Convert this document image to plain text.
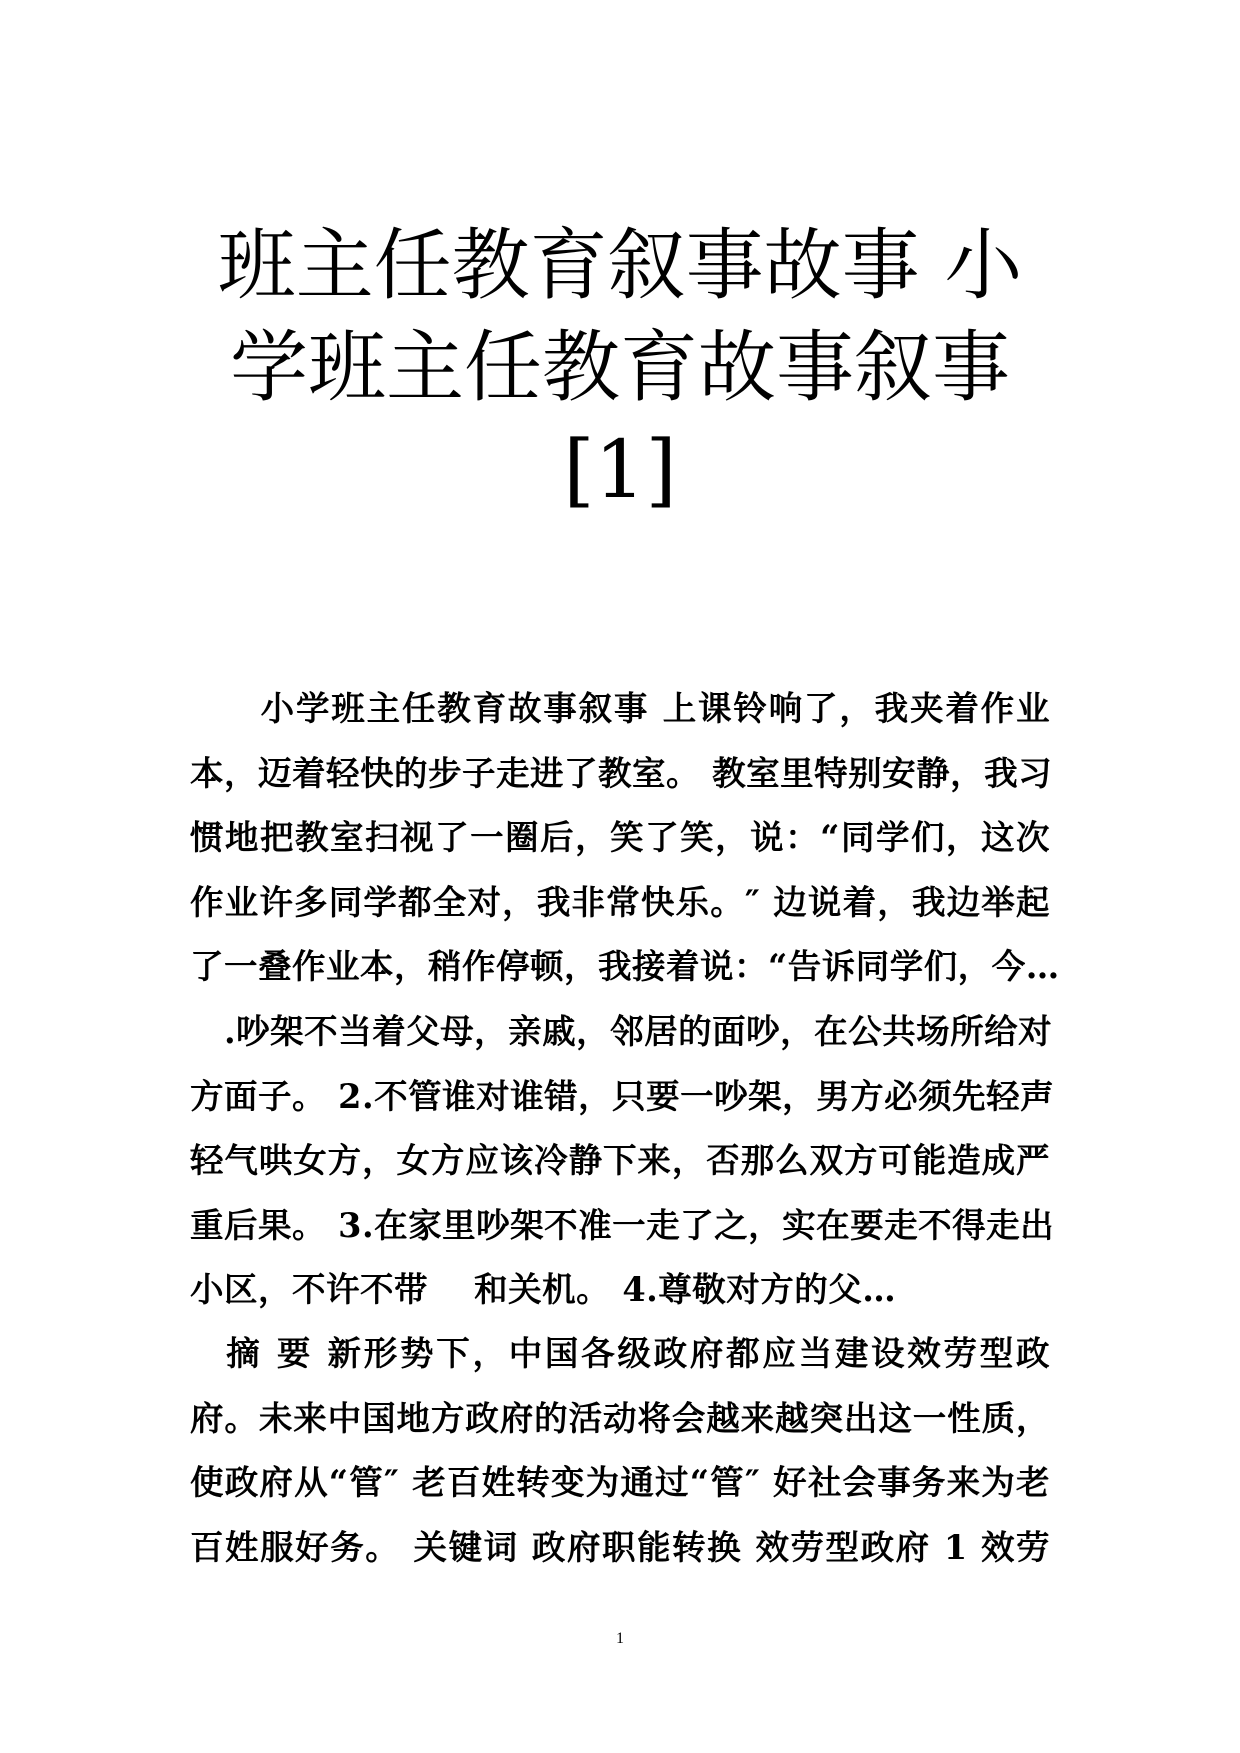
班主任教育叙事故事 小
学班主任教育故事叙事
[1]
　　小学班主任教育故事叙事 上课铃响了，我夹着作业
本，迈着轻快的步子走进了教室。 教室里特别安静，我习
惯地把教室扫视了一圈后，笑了笑，说：“同学们，这次
作业许多同学都全对，我非常快乐。″ 边说着，我边举起
了一叠作业本，稍作停顿，我接着说：“告诉同学们，今…
　.吵架不当着父母，亲戚，邻居的面吵，在公共场所给对
方面子。 2.不管谁对谁错，只要一吵架，男方必须先轻声
轻气哄女方，女方应该冷静下来，否那么双方可能造成严
重后果。 3.在家里吵架不准一走了之，实在要走不得走出
小区，不许不带　 和关机。 4.尊敬对方的父…
　摘 要 新形势下，中国各级政府都应当建设效劳型政
府。未来中国地方政府的活动将会越来越突出这一性质，
使政府从“管″ 老百姓转变为通过“管″ 好社会事务来为老
百姓服好务。 关键词 政府职能转换 效劳型政府 1 效劳
1
